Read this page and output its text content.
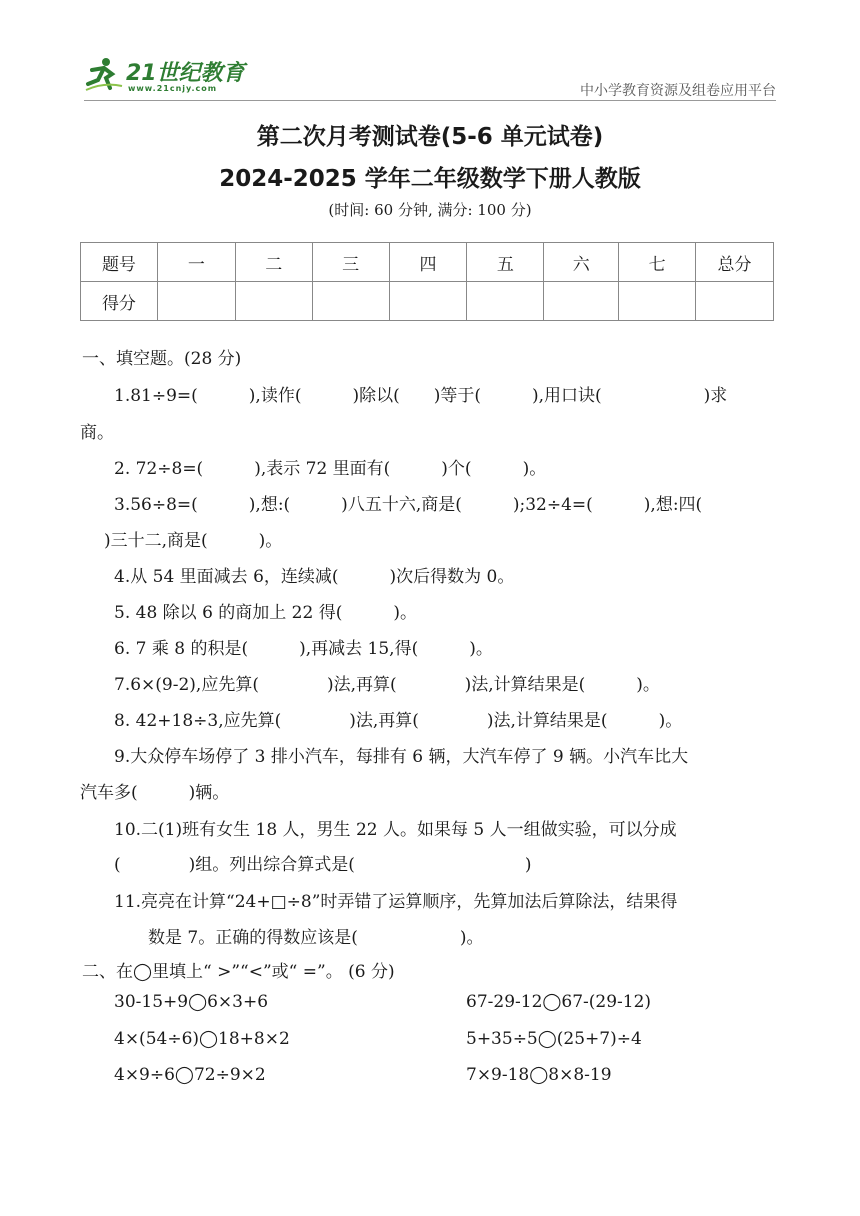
21世纪教育
www.21cnjy.com	中小学教育资源及组卷应用平台
第二次月考测试卷(5-6 单元试卷)
2024-2025 学年二年级数学下册人教版
(时间: 60 分钟, 满分: 100 分)
题号	一	二	三	四	五	六	七	总分
得分								
一、填空题。(28 分)
1.81÷9=(　　　),读作(　　　)除以(　　)等于(　　　),用口诀(　　　　　　)求
商。
2. 72÷8=(　　　),表示 72 里面有(　　　)个(　　　)。
3.56÷8=(　　　),想:(　　　)八五十六,商是(　　　);32÷4=(　　　),想:四(
)三十二,商是(　　　)。
4.从 54 里面减去 6，连续减(　　　)次后得数为 0。
5. 48 除以 6 的商加上 22 得(　　　)。
6. 7 乘 8 的积是(　　　),再减去 15,得(　　　)。
7.6×(9-2),应先算(　　　　)法,再算(　　　　)法,计算结果是(　　　)。
8. 42+18÷3,应先算(　　　　)法,再算(　　　　)法,计算结果是(　　　)。
9.大众停车场停了 3 排小汽车，每排有 6 辆，大汽车停了 9 辆。小汽车比大
汽车多(　　　)辆。
10.二(1)班有女生 18 人，男生 22 人。如果每 5 人一组做实验，可以分成
(　　　　)组。列出综合算式是(　　　　　　　　　　)
11.亮亮在计算“24+□÷8”时弄错了运算顺序，先算加法后算除法，结果得
数是 7。正确的得数应该是(　　　　　　)。
二、在◯里填上“ >”“<”或“ =”。 (6 分)
30-15+9◯6×3+6	67-29-12◯67-(29-12)
4×(54÷6)◯18+8×2	5+35÷5◯(25+7)÷4
4×9÷6◯72÷9×2	7×9-18◯8×8-19
